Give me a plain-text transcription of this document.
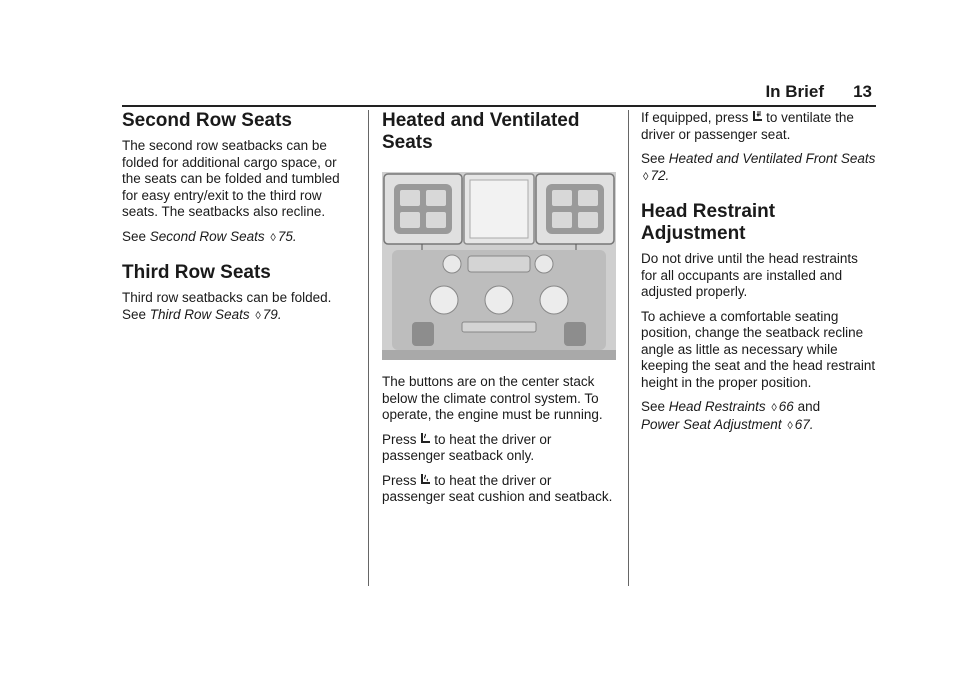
In Brief 13
Second Row Seats

The second row seatbacks can be folded for additional cargo space, or the seats can be folded and tumbled for easy entry/exit to the third row seats. The seatbacks also recline.

See Second Row Seats ◊ 75.

Third Row Seats

Third row seatbacks can be folded.
See Third Row Seats ◊ 79.

Heated and Ventilated Seats

The buttons are on the center stack below the climate control system. To operate, the engine must be running.

Press to heat the driver or passenger seatback only.

Press to heat the driver or passenger seat cushion and seatback.

If equipped, press to ventilate the driver or passenger seat.

See Heated and Ventilated Front Seats ◊ 72.

Head Restraint Adjustment

Do not drive until the head restraints for all occupants are installed and adjusted properly.

To achieve a comfortable seating position, change the seatback recline angle as little as necessary while keeping the seat and the head restraint height in the proper position.

See Head Restraints ◊ 66 and
Power Seat Adjustment ◊ 67.
